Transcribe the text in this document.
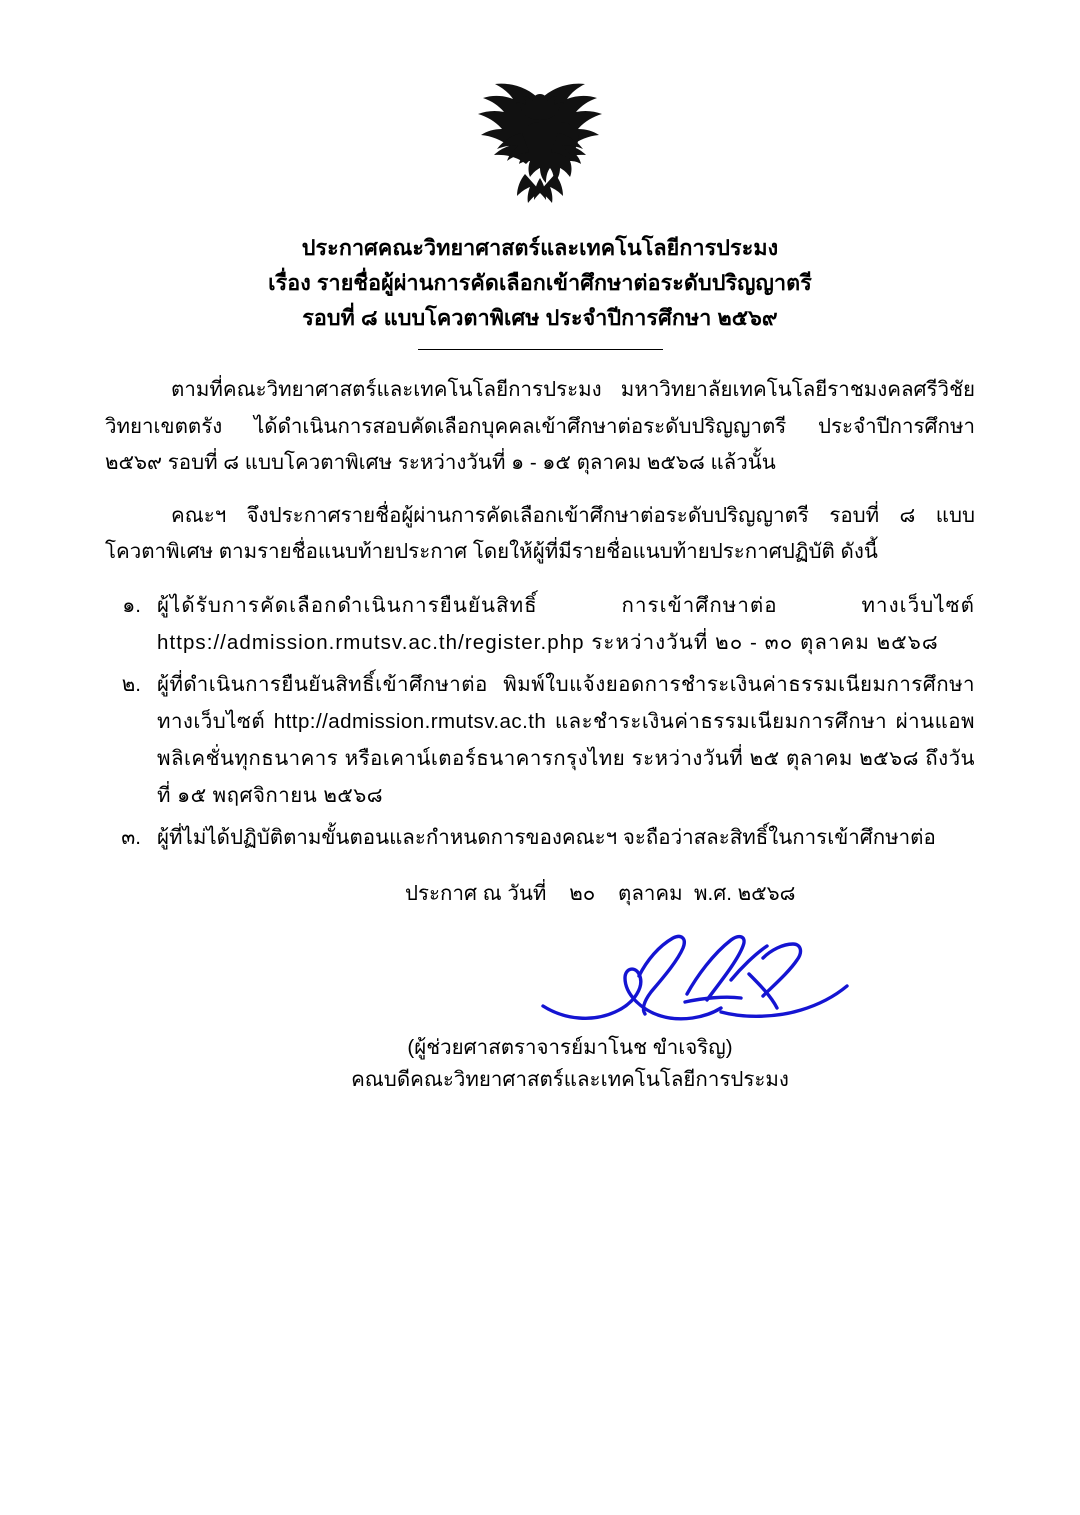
ประกาศคณะวิทยาศาสตร์และเทคโนโลยีการประมง
เรื่อง รายชื่อผู้ผ่านการคัดเลือกเข้าศึกษาต่อระดับปริญญาตรี
รอบที่ ๘ แบบโควตาพิเศษ ประจำปีการศึกษา ๒๕๖๙

ตามที่คณะวิทยาศาสตร์และเทคโนโลยีการประมง มหาวิทยาลัยเทคโนโลยีราชมงคลศรีวิชัย วิทยาเขตตรัง ได้ดำเนินการสอบคัดเลือกบุคคลเข้าศึกษาต่อระดับปริญญาตรี ประจำปีการศึกษา ๒๕๖๙ รอบที่ ๘ แบบโควตาพิเศษ ระหว่างวันที่ ๑ - ๑๕ ตุลาคม ๒๕๖๘ แล้วนั้น

คณะฯ จึงประกาศรายชื่อผู้ผ่านการคัดเลือกเข้าศึกษาต่อระดับปริญญาตรี รอบที่ ๘ แบบโควตาพิเศษ ตามรายชื่อแนบท้ายประกาศ โดยให้ผู้ที่มีรายชื่อแนบท้ายประกาศปฏิบัติ ดังนี้

๑. ผู้ได้รับการคัดเลือกดำเนินการยืนยันสิทธิ์ การเข้าศึกษาต่อ ทางเว็บไซต์ https://admission.rmutsv.ac.th/register.php ระหว่างวันที่ ๒๐ - ๓๐ ตุลาคม ๒๕๖๘
๒. ผู้ที่ดำเนินการยืนยันสิทธิ์เข้าศึกษาต่อ พิมพ์ใบแจ้งยอดการชำระเงินค่าธรรมเนียมการศึกษา ทางเว็บไซต์ http://admission.rmutsv.ac.th และชำระเงินค่าธรรมเนียมการศึกษา ผ่านแอพพลิเคชั่นทุกธนาคาร หรือเคาน์เตอร์ธนาคารกรุงไทย ระหว่างวันที่ ๒๕ ตุลาคม ๒๕๖๘ ถึงวันที่ ๑๕ พฤศจิกายน ๒๕๖๘
๓. ผู้ที่ไม่ได้ปฏิบัติตามขั้นตอนและกำหนดการของคณะฯ จะถือว่าสละสิทธิ์ในการเข้าศึกษาต่อ
ประกาศ ณ วันที่    ๒๐    ตุลาคม  พ.ศ. ๒๕๖๘
(ผู้ช่วยศาสตราจารย์มาโนช ขำเจริญ)
คณบดีคณะวิทยาศาสตร์และเทคโนโลยีการประมง
